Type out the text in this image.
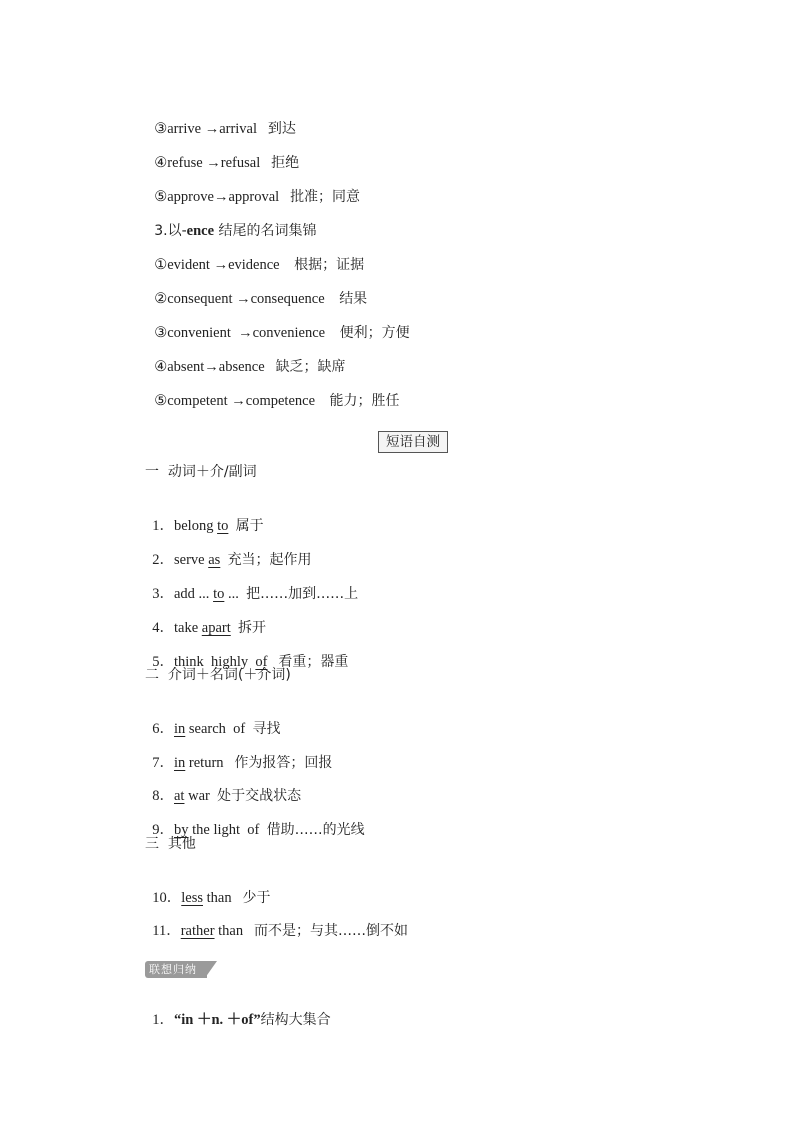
③arrive →arrival 到达

④refuse →refusal 拒绝

⑤approve→approval 批准；同意

3.以-ence 结尾的名词集锦

①evident →evidence 根据；证据

②consequent →consequence 结果

③convenient →convenience 便利；方便

④absent→absence 缺乏；缺席

⑤competent →competence 能力；胜任

短语自测
一  动词＋介/副词

1．belong to 属于

2．serve as 充当；起作用

3．add ... to ... 把……加到……上

4．take apart 拆开

5．think  highly  of 看重；器重

二  介词＋名词(＋介词)

6．in search  of 寻找

7．in return 作为报答；回报

8．at war 处于交战状态

9．by the light  of 借助……的光线

三  其他

10．less than 少于

11．rather than 而不是；与其……倒不如

联想归纳

1．“in ＋n. ＋of”结构大集合
